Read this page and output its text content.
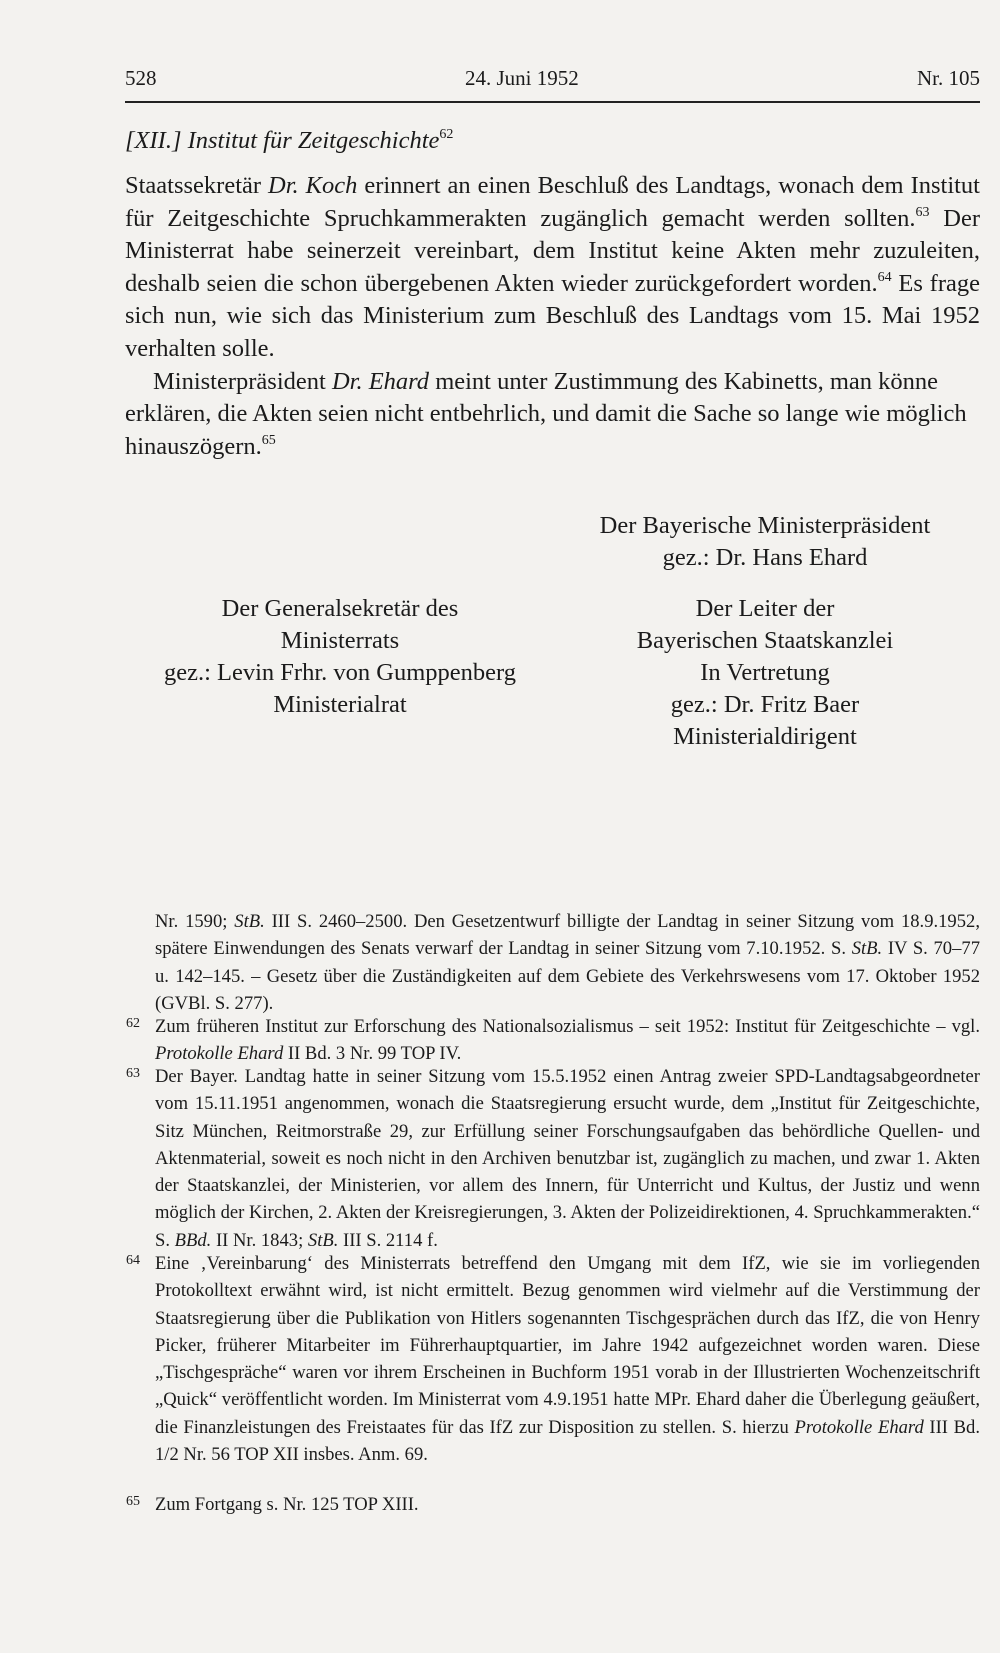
528	24. Juni 1952	Nr. 105
[XII.] Institut für Zeitgeschichte$^{62}$

Staatssekretär Dr. Koch erinnert an einen Beschluß des Landtags, wonach dem Institut für Zeitgeschichte Spruchkammerakten zugänglich gemacht werden sollten.$^{63}$ Der Ministerrat habe seinerzeit vereinbart, dem Institut keine Akten mehr zuzuleiten, deshalb seien die schon übergebenen Akten wieder zurückgefordert worden.$^{64}$ Es frage sich nun, wie sich das Ministerium zum Beschluß des Landtags vom 15. Mai 1952 verhalten solle.

Ministerpräsident Dr. Ehard meint unter Zustimmung des Kabinetts, man könne erklären, die Akten seien nicht entbehrlich, und damit die Sache so lange wie möglich hinauszögern.$^{65}$

Der Bayerische Ministerpräsident
gez.: Dr. Hans Ehard
Der Generalsekretär des
Ministerrats
gez.: Levin Frhr. von Gumppenberg
Ministerialrat
Der Leiter der
Bayerischen Staatskanzlei
In Vertretung
gez.: Dr. Fritz Baer
Ministerialdirigent
Nr. 1590; StB. III S. 2460–2500. Den Gesetzentwurf billigte der Landtag in seiner Sitzung vom 18.9.1952, spätere Einwendungen des Senats verwarf der Landtag in seiner Sitzung vom 7.10.1952. S. StB. IV S. 70–77 u. 142–145. – Gesetz über die Zuständigkeiten auf dem Gebiete des Verkehrswesens vom 17. Oktober 1952 (GVBl. S. 277).
62 Zum früheren Institut zur Erforschung des Nationalsozialismus – seit 1952: Institut für Zeitgeschichte – vgl. Protokolle Ehard II Bd. 3 Nr. 99 TOP IV.
63 Der Bayer. Landtag hatte in seiner Sitzung vom 15.5.1952 einen Antrag zweier SPD-Landtagsabgeordneter vom 15.11.1951 angenommen, wonach die Staatsregierung ersucht wurde, dem „Institut für Zeitgeschichte, Sitz München, Reitmorstraße 29, zur Erfüllung seiner Forschungsaufgaben das behördliche Quellen- und Aktenmaterial, soweit es noch nicht in den Archiven benutzbar ist, zugänglich zu machen, und zwar 1. Akten der Staatskanzlei, der Ministerien, vor allem des Innern, für Unterricht und Kultus, der Justiz und wenn möglich der Kirchen, 2. Akten der Kreisregierungen, 3. Akten der Polizeidirektionen, 4. Spruchkammerakten.“ S. BBd. II Nr. 1843; StB. III S. 2114 f.
64 Eine ‚Vereinbarung‘ des Ministerrats betreffend den Umgang mit dem IfZ, wie sie im vorliegenden Protokolltext erwähnt wird, ist nicht ermittelt. Bezug genommen wird vielmehr auf die Verstimmung der Staatsregierung über die Publikation von Hitlers sogenannten Tischgesprächen durch das IfZ, die von Henry Picker, früherer Mitarbeiter im Führerhauptquartier, im Jahre 1942 aufgezeichnet worden waren. Diese „Tischgespräche“ waren vor ihrem Erscheinen in Buchform 1951 vorab in der Illustrierten Wochenzeitschrift „Quick“ veröffentlicht worden. Im Ministerrat vom 4.9.1951 hatte MPr. Ehard daher die Überlegung geäußert, die Finanzleistungen des Freistaates für das IfZ zur Disposition zu stellen. S. hierzu Protokolle Ehard III Bd. 1/2 Nr. 56 TOP XII insbes. Anm. 69.
65 Zum Fortgang s. Nr. 125 TOP XIII.
